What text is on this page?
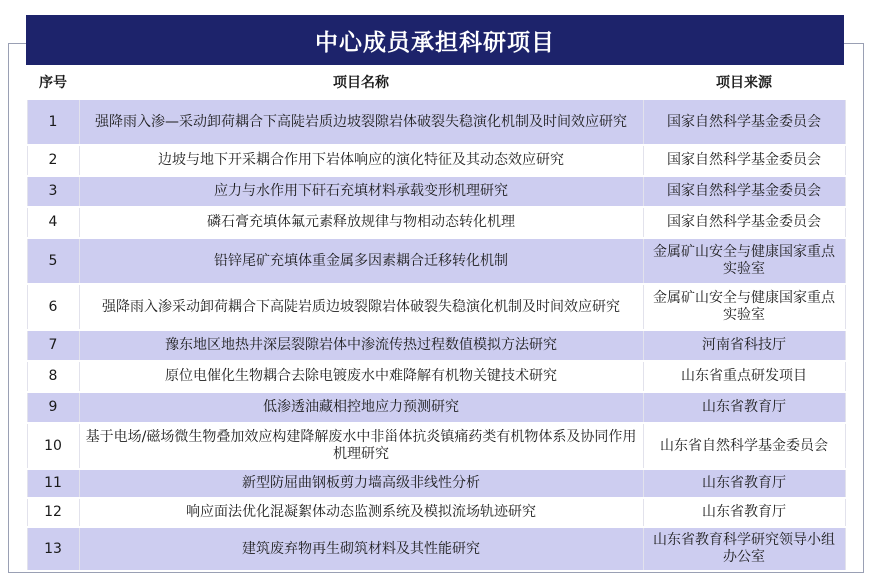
中心成员承担科研项目
序号	项目名称	项目来源
1	强降雨入渗—采动卸荷耦合下高陡岩质边坡裂隙岩体破裂失稳演化机制及时间效应研究	国家自然科学基金委员会
2	边坡与地下开采耦合作用下岩体响应的演化特征及其动态效应研究	国家自然科学基金委员会
3	应力与水作用下矸石充填材料承载变形机理研究	国家自然科学基金委员会
4	磷石膏充填体氟元素释放规律与物相动态转化机理	国家自然科学基金委员会
5	铅锌尾矿充填体重金属多因素耦合迁移转化机制	金属矿山安全与健康国家重点实验室
6	强降雨入渗采动卸荷耦合下高陡岩质边坡裂隙岩体破裂失稳演化机制及时间效应研究	金属矿山安全与健康国家重点实验室
7	豫东地区地热井深层裂隙岩体中渗流传热过程数值模拟方法研究	河南省科技厅
8	原位电催化生物耦合去除电镀废水中难降解有机物关键技术研究	山东省重点研发项目
9	低渗透油藏相控地应力预测研究	山东省教育厅
10	基于电场/磁场微生物叠加效应构建降解废水中非甾体抗炎镇痛药类有机物体系及协同作用机理研究	山东省自然科学基金委员会
11	新型防屈曲钢板剪力墙高级非线性分析	山东省教育厅
12	响应面法优化混凝絮体动态监测系统及模拟流场轨迹研究	山东省教育厅
13	建筑废弃物再生砌筑材料及其性能研究	山东省教育科学研究领导小组办公室
